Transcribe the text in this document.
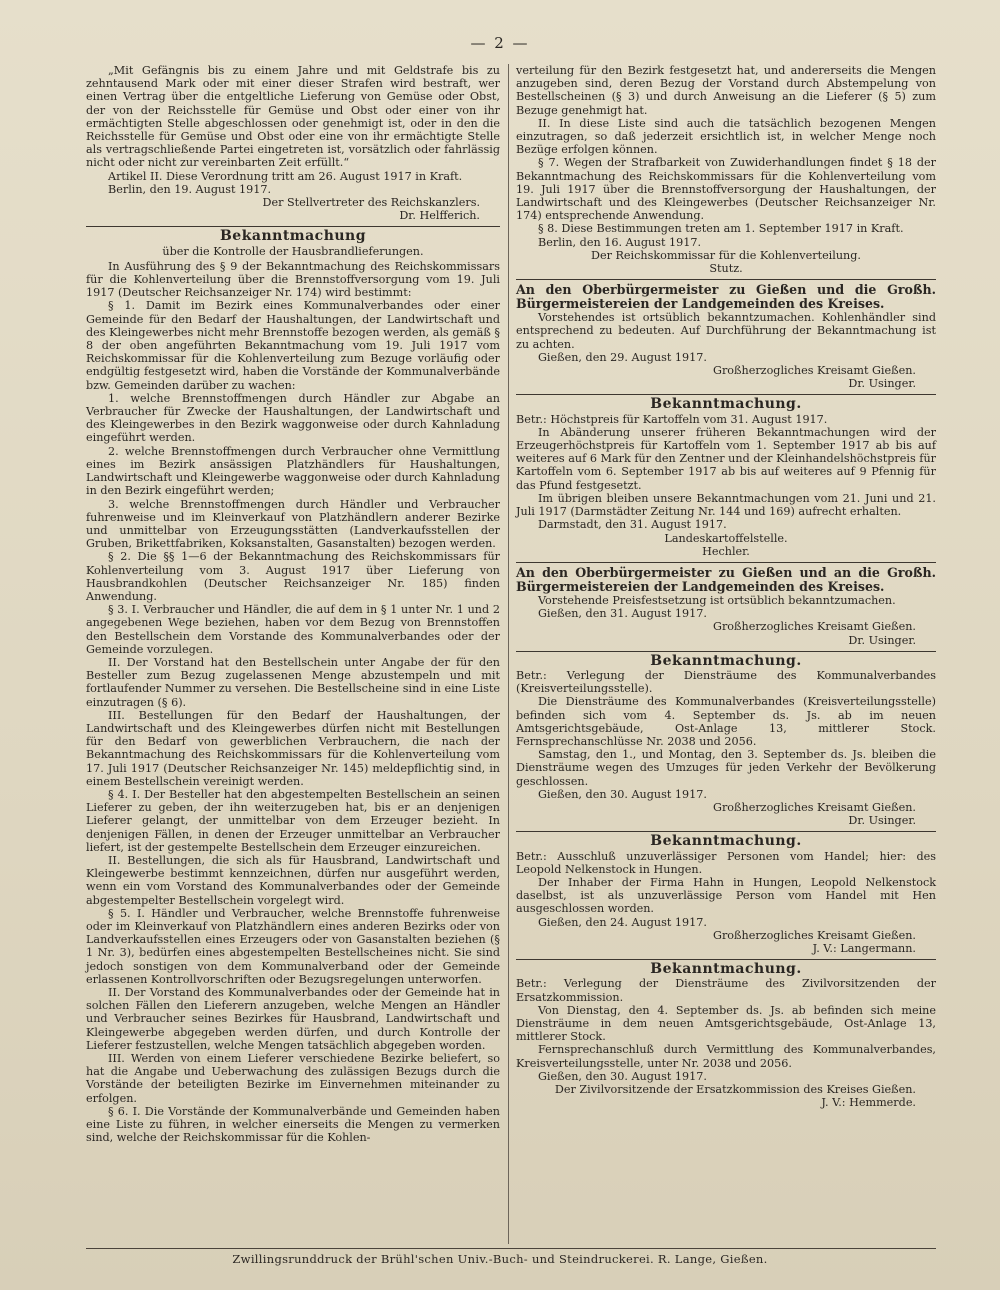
— 2 —

„Mit Gefängnis bis zu einem Jahre und mit Geldstrafe bis zu zehntausend Mark oder mit einer dieser Strafen wird bestraft, wer einen Vertrag über die entgeltliche Lieferung von Gemüse oder Obst, der von der Reichsstelle für Gemüse und Obst oder einer von ihr ermächtigten Stelle abgeschlossen oder genehmigt ist, oder in den die Reichsstelle für Gemüse und Obst oder eine von ihr ermächtigte Stelle als vertragschließende Partei eingetreten ist, vorsätzlich oder fahrlässig nicht oder nicht zur vereinbarten Zeit erfüllt.“

Artikel II. Diese Verordnung tritt am 26. August 1917 in Kraft.

Berlin, den 19. August 1917.

Der Stellvertreter des Reichskanzlers.

Dr. Helfferich.

Bekanntmachung

über die Kontrolle der Hausbrandlieferungen.

In Ausführung des § 9 der Bekanntmachung des Reichskommissars für die Kohlenverteilung über die Brennstoffversorgung vom 19. Juli 1917 (Deutscher Reichsanzeiger Nr. 174) wird bestimmt:

§ 1. Damit im Bezirk eines Kommunalverbandes oder einer Gemeinde für den Bedarf der Haushaltungen, der Landwirtschaft und des Kleingewerbes nicht mehr Brennstoffe bezogen werden, als gemäß § 8 der oben angeführten Bekanntmachung vom 19. Juli 1917 vom Reichskommissar für die Kohlenverteilung zum Bezuge vorläufig oder endgültig festgesetzt wird, haben die Vorstände der Kommunalverbände bzw. Gemeinden darüber zu wachen:

1. welche Brennstoffmengen durch Händler zur Abgabe an Verbraucher für Zwecke der Haushaltungen, der Landwirtschaft und des Kleingewerbes in den Bezirk waggonweise oder durch Kahnladung eingeführt werden.

2. welche Brennstoffmengen durch Verbraucher ohne Vermittlung eines im Bezirk ansässigen Platzhändlers für Haushaltungen, Landwirtschaft und Kleingewerbe waggonweise oder durch Kahnladung in den Bezirk eingeführt werden;

3. welche Brennstoffmengen durch Händler und Verbraucher fuhrenweise und im Kleinverkauf von Platzhändlern anderer Bezirke und unmittelbar von Erzeugungsstätten (Landverkaufsstellen der Gruben, Brikettfabriken, Koksanstalten, Gasanstalten) bezogen werden.

§ 2. Die §§ 1—6 der Bekanntmachung des Reichskommissars für Kohlenverteilung vom 3. August 1917 über Lieferung von Hausbrandkohlen (Deutscher Reichsanzeiger Nr. 185) finden Anwendung.

§ 3. I. Verbraucher und Händler, die auf dem in § 1 unter Nr. 1 und 2 angegebenen Wege beziehen, haben vor dem Bezug von Brennstoffen den Bestellschein dem Vorstande des Kommunalverbandes oder der Gemeinde vorzulegen.

II. Der Vorstand hat den Bestellschein unter Angabe der für den Besteller zum Bezug zugelassenen Menge abzustempeln und mit fortlaufender Nummer zu versehen. Die Bestellscheine sind in eine Liste einzutragen (§ 6).

III. Bestellungen für den Bedarf der Haushaltungen, der Landwirtschaft und des Kleingewerbes dürfen nicht mit Bestellungen für den Bedarf von gewerblichen Verbrauchern, die nach der Bekanntmachung des Reichskommissars für die Kohlenverteilung vom 17. Juli 1917 (Deutscher Reichsanzeiger Nr. 145) meldepflichtig sind, in einem Bestellschein vereinigt werden.

§ 4. I. Der Besteller hat den abgestempelten Bestellschein an seinen Lieferer zu geben, der ihn weiterzugeben hat, bis er an denjenigen Lieferer gelangt, der unmittelbar von dem Erzeuger bezieht. In denjenigen Fällen, in denen der Erzeuger unmittelbar an Verbraucher liefert, ist der gestempelte Bestellschein dem Erzeuger einzureichen.

II. Bestellungen, die sich als für Hausbrand, Landwirtschaft und Kleingewerbe bestimmt kennzeichnen, dürfen nur ausgeführt werden, wenn ein vom Vorstand des Kommunalverbandes oder der Gemeinde abgestempelter Bestellschein vorgelegt wird.

§ 5. I. Händler und Verbraucher, welche Brennstoffe fuhrenweise oder im Kleinverkauf von Platzhändlern eines anderen Bezirks oder von Landverkaufsstellen eines Erzeugers oder von Gasanstalten beziehen (§ 1 Nr. 3), bedürfen eines abgestempelten Bestellscheines nicht. Sie sind jedoch sonstigen von dem Kommunalverband oder der Gemeinde erlassenen Kontrollvorschriften oder Bezugsregelungen unterworfen.

II. Der Vorstand des Kommunalverbandes oder der Gemeinde hat in solchen Fällen den Lieferern anzugeben, welche Mengen an Händler und Verbraucher seines Bezirkes für Hausbrand, Landwirtschaft und Kleingewerbe abgegeben werden dürfen, und durch Kontrolle der Lieferer festzustellen, welche Mengen tatsächlich abgegeben worden.

III. Werden von einem Lieferer verschiedene Bezirke beliefert, so hat die Angabe und Ueberwachung des zulässigen Bezugs durch die Vorstände der beteiligten Bezirke im Einvernehmen miteinander zu erfolgen.

§ 6. I. Die Vorstände der Kommunalverbände und Gemeinden haben eine Liste zu führen, in welcher einerseits die Mengen zu vermerken sind, welche der Reichskommissar für die Kohlen-

verteilung für den Bezirk festgesetzt hat, und andererseits die Mengen anzugeben sind, deren Bezug der Vorstand durch Abstempelung von Bestellscheinen (§ 3) und durch Anweisung an die Lieferer (§ 5) zum Bezuge genehmigt hat.

II. In diese Liste sind auch die tatsächlich bezogenen Mengen einzutragen, so daß jederzeit ersichtlich ist, in welcher Menge noch Bezüge erfolgen können.

§ 7. Wegen der Strafbarkeit von Zuwiderhandlungen findet § 18 der Bekanntmachung des Reichskommissars für die Kohlenverteilung vom 19. Juli 1917 über die Brennstoffversorgung der Haushaltungen, der Landwirtschaft und des Kleingewerbes (Deutscher Reichsanzeiger Nr. 174) entsprechende Anwendung.

§ 8. Diese Bestimmungen treten am 1. September 1917 in Kraft.

Berlin, den 16. August 1917.

Der Reichskommissar für die Kohlenverteilung.

Stutz.

An den Oberbürgermeister zu Gießen und die Großh. Bürgermeistereien der Landgemeinden des Kreises.

Vorstehendes ist ortsüblich bekanntzumachen. Kohlenhändler sind entsprechend zu bedeuten. Auf Durchführung der Bekanntmachung ist zu achten.

Gießen, den 29. August 1917.

Großherzogliches Kreisamt Gießen.

Dr. Usinger.

Bekanntmachung.

Betr.: Höchstpreis für Kartoffeln vom 31. August 1917.

In Abänderung unserer früheren Bekanntmachungen wird der Erzeugerhöchstpreis für Kartoffeln vom 1. September 1917 ab bis auf weiteres auf 6 Mark für den Zentner und der Kleinhandelshöchstpreis für Kartoffeln vom 6. September 1917 ab bis auf weiteres auf 9 Pfennig für das Pfund festgesetzt.

Im übrigen bleiben unsere Bekanntmachungen vom 21. Juni und 21. Juli 1917 (Darmstädter Zeitung Nr. 144 und 169) aufrecht erhalten.

Darmstadt, den 31. August 1917.

Landeskartoffelstelle.

Hechler.

An den Oberbürgermeister zu Gießen und an die Großh. Bürgermeistereien der Landgemeinden des Kreises.

Vorstehende Preisfestsetzung ist ortsüblich bekanntzumachen.

Gießen, den 31. August 1917.

Großherzogliches Kreisamt Gießen.

Dr. Usinger.

Bekanntmachung.

Betr.: Verlegung der Diensträume des Kommunalverbandes (Kreisverteilungsstelle).

Die Diensträume des Kommunalverbandes (Kreisverteilungsstelle) befinden sich vom 4. September ds. Js. ab im neuen Amtsgerichtsgebäude, Ost-Anlage 13, mittlerer Stock. Fernsprechanschlüsse Nr. 2038 und 2056.

Samstag, den 1., und Montag, den 3. September ds. Js. bleiben die Diensträume wegen des Umzuges für jeden Verkehr der Bevölkerung geschlossen.

Gießen, den 30. August 1917.

Großherzogliches Kreisamt Gießen.

Dr. Usinger.

Bekanntmachung.

Betr.: Ausschluß unzuverlässiger Personen vom Handel; hier: des Leopold Nelkenstock in Hungen.

Der Inhaber der Firma Hahn in Hungen, Leopold Nelkenstock daselbst, ist als unzuverlässige Person vom Handel mit Hen ausgeschlossen worden.

Gießen, den 24. August 1917.

Großherzogliches Kreisamt Gießen.

J. V.: Langermann.

Bekanntmachung.

Betr.: Verlegung der Diensträume des Zivilvorsitzenden der Ersatzkommission.

Von Dienstag, den 4. September ds. Js. ab befinden sich meine Diensträume in dem neuen Amtsgerichtsgebäude, Ost-Anlage 13, mittlerer Stock.

Fernsprechanschluß durch Vermittlung des Kommunalverbandes, Kreisverteilungsstelle, unter Nr. 2038 und 2056.

Gießen, den 30. August 1917.

Der Zivilvorsitzende der Ersatzkommission des Kreises Gießen.

J. V.: Hemmerde.

Zwillingsrunddruck der Brühl'schen Univ.-Buch- und Steindruckerei. R. Lange, Gießen.
